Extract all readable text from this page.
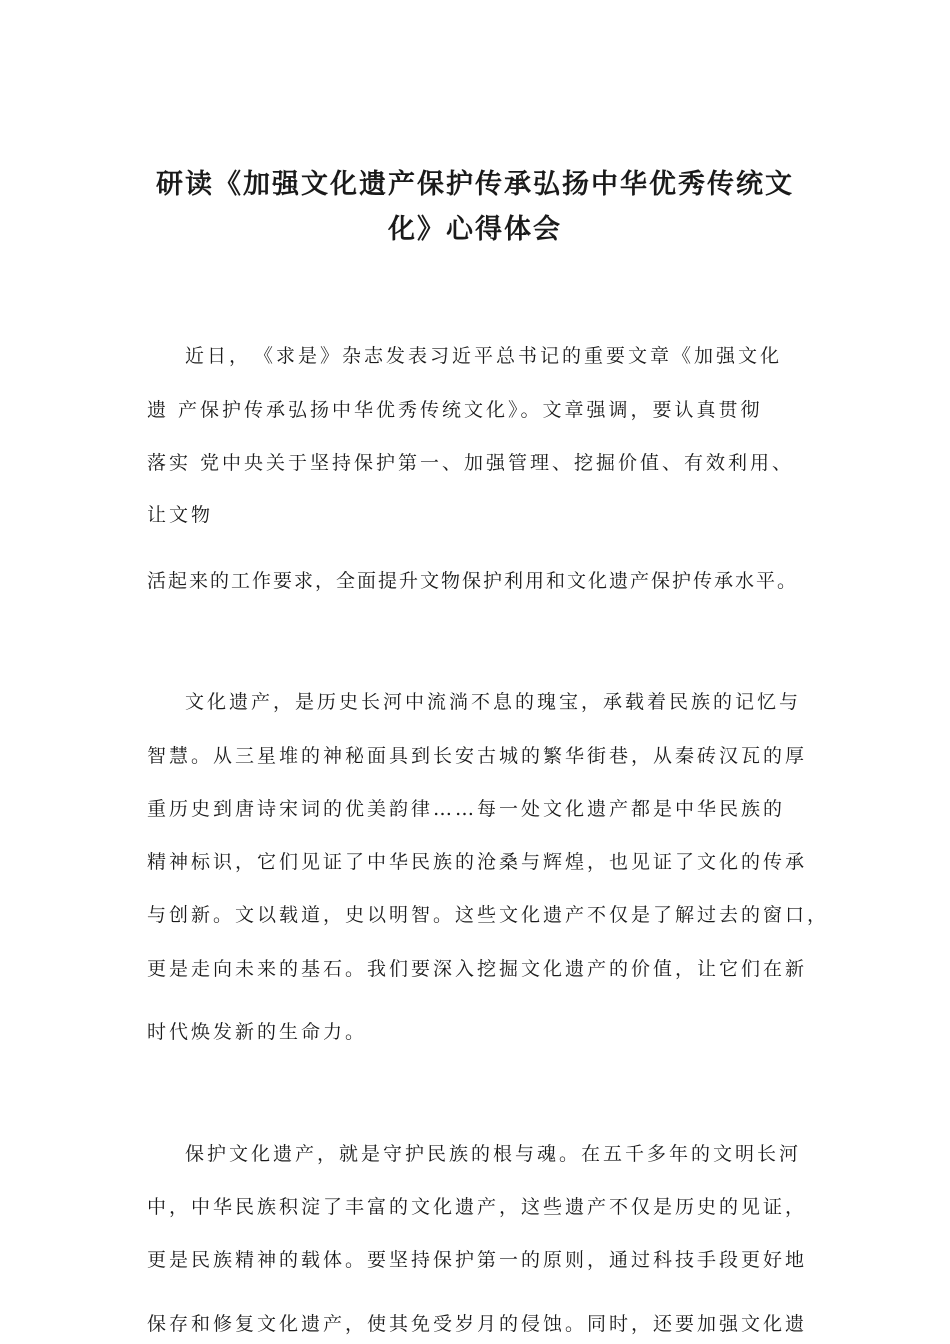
研读《加强文化遗产保护传承弘扬中华优秀传统文
化》心得体会

近日，　《求是》杂志发表习近平总书记的重要文章《加强文化

遗 产保护传承弘扬中华优秀传统文化》。文章强调，要认真贯彻

落实 党中央关于坚持保护第一、加强管理、挖掘价值、有效利用、

让文物

活起来的工作要求，全面提升文物保护利用和文化遗产保护传承水平。

文化遗产，是历史长河中流淌不息的瑰宝，承载着民族的记忆与

智慧。从三星堆的神秘面具到长安古城的繁华街巷，从秦砖汉瓦的厚

重历史到唐诗宋词的优美韵律……每一处文化遗产都是中华民族的

精神标识，它们见证了中华民族的沧桑与辉煌，也见证了文化的传承

与创新。文以载道，史以明智。这些文化遗产不仅是了解过去的窗口，

更是走向未来的基石。我们要深入挖掘文化遗产的价值，让它们在新

时代焕发新的生命力。

保护文化遗产，就是守护民族的根与魂。在五千多年的文明长河

中，中华民族积淀了丰富的文化遗产，这些遗产不仅是历史的见证，

更是民族精神的载体。要坚持保护第一的原则，通过科技手段更好地

保存和修复文化遗产，使其免受岁月的侵蚀。同时，还要加强文化遗
